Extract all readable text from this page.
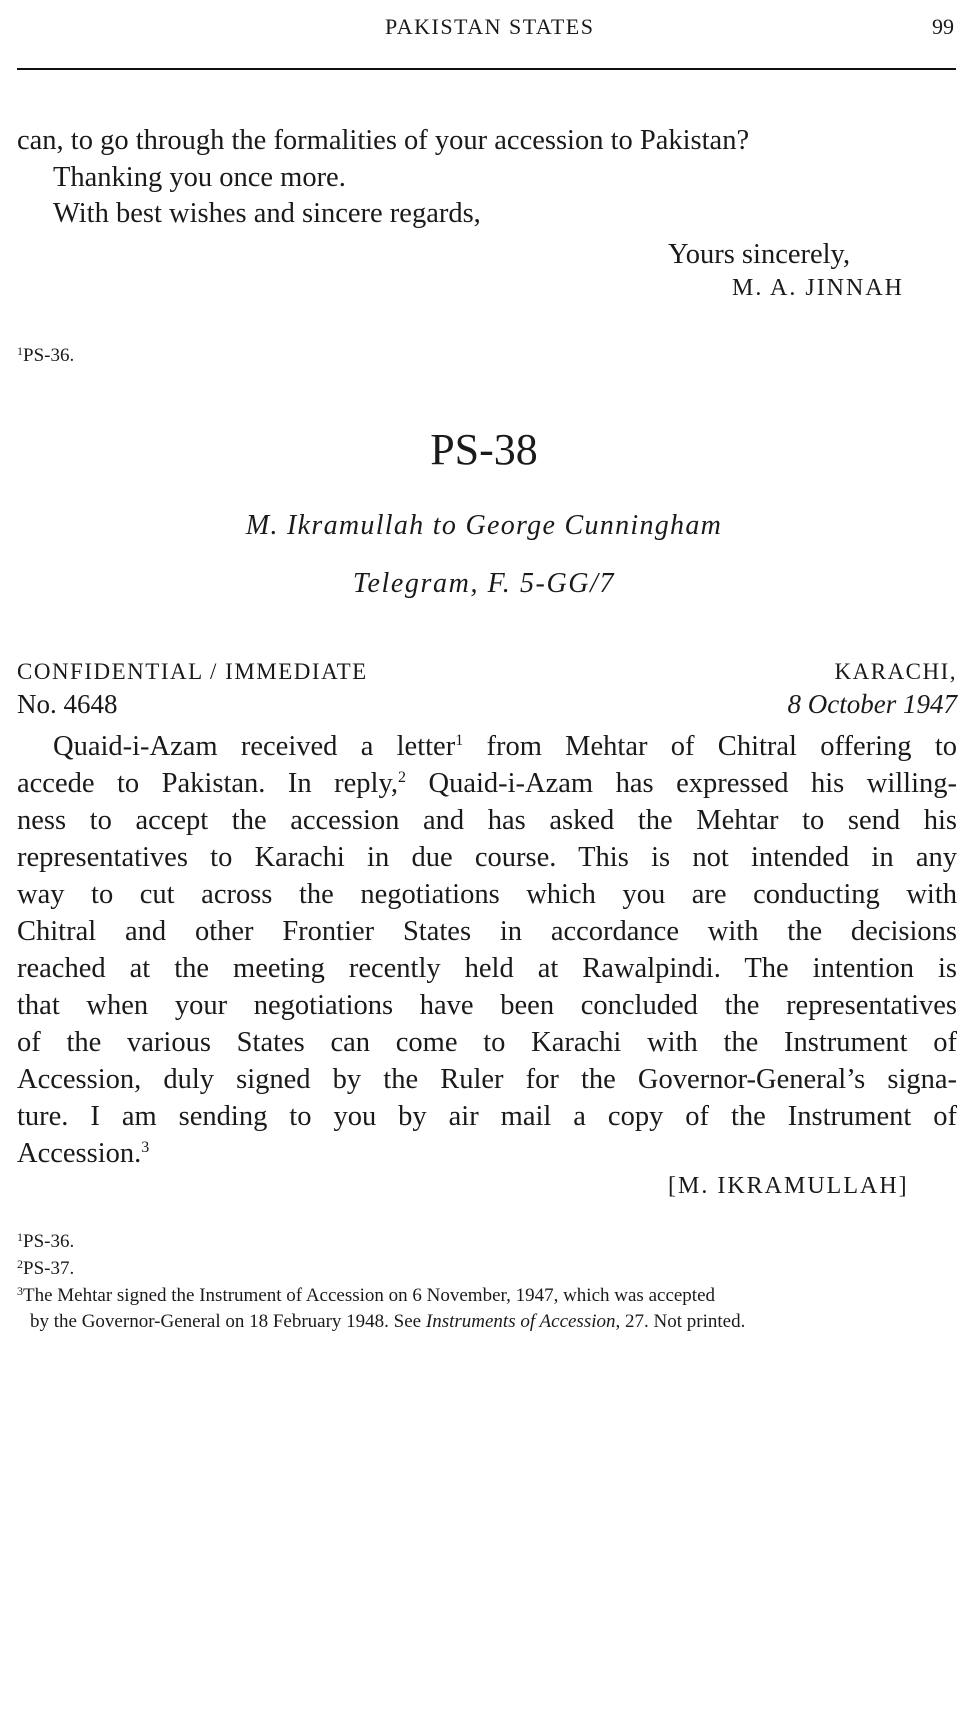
PAKISTAN STATES	99
can, to go through the formalities of your accession to Pakistan?
Thanking you once more.
With best wishes and sincere regards,
Yours sincerely,
M. A. JINNAH
$^1$PS-36.
PS-38
M. Ikramullah to George Cunningham
Telegram, F. 5-GG/7
CONFIDENTIAL / IMMEDIATE	KARACHI,
No. 4648	8 October 1947
Quaid-i-Azam received a letter$^1$ from Mehtar of Chitral offering to
accede to Pakistan. In reply,$^2$ Quaid-i-Azam has expressed his willing-
ness to accept the accession and has asked the Mehtar to send his
representatives to Karachi in due course. This is not intended in any
way to cut across the negotiations which you are conducting with
Chitral and other Frontier States in accordance with the decisions
reached at the meeting recently held at Rawalpindi. The intention is
that when your negotiations have been concluded the representatives
of the various States can come to Karachi with the Instrument of
Accession, duly signed by the Ruler for the Governor-General’s signa-
ture. I am sending to you by air mail a copy of the Instrument of
Accession.$^3$
[M. IKRAMULLAH]
$^1$PS-36.
$^2$PS-37.
$^3$The Mehtar signed the Instrument of Accession on 6 November, 1947, which was accepted
by the Governor-General on 18 February 1948. See Instruments of Accession, 27. Not printed.
